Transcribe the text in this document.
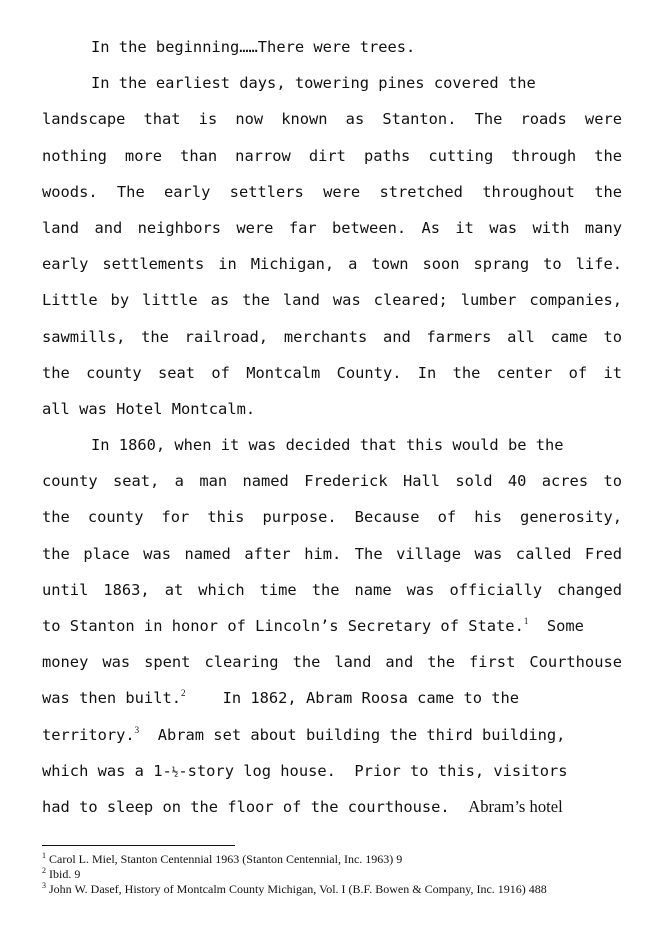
In the beginning……There were trees.
In the earliest days, towering pines covered the
landscape that is now known as Stanton. The roads were
nothing more than narrow dirt paths cutting through the
woods. The early settlers were stretched throughout the
land and neighbors were far between. As it was with many
early settlements in Michigan, a town soon sprang to life.
Little by little as the land was cleared; lumber companies,
sawmills, the railroad, merchants and farmers all came to
the county seat of Montcalm County. In the center of it
all was Hotel Montcalm.
In 1860, when it was decided that this would be the
county seat, a man named Frederick Hall sold 40 acres to
the county for this purpose. Because of his generosity,
the place was named after him. The village was called Fred
until 1863, at which time the name was officially changed
to Stanton in honor of Lincoln’s Secretary of State.$^1$  Some
money was spent clearing the land and the first Courthouse
was then built.$^2$    In 1862, Abram Roosa came to the
territory.$^3$  Abram set about building the third building,
which was a 1-½-story log house.  Prior to this, visitors
had to sleep on the floor of the courthouse.  Abram’s hotel
$^1$ Carol L. Miel, Stanton Centennial 1963 (Stanton Centennial, Inc. 1963) 9
$^2$ Ibid. 9
$^3$ John W. Dasef, History of Montcalm County Michigan, Vol. I (B.F. Bowen & Company, Inc. 1916) 488
